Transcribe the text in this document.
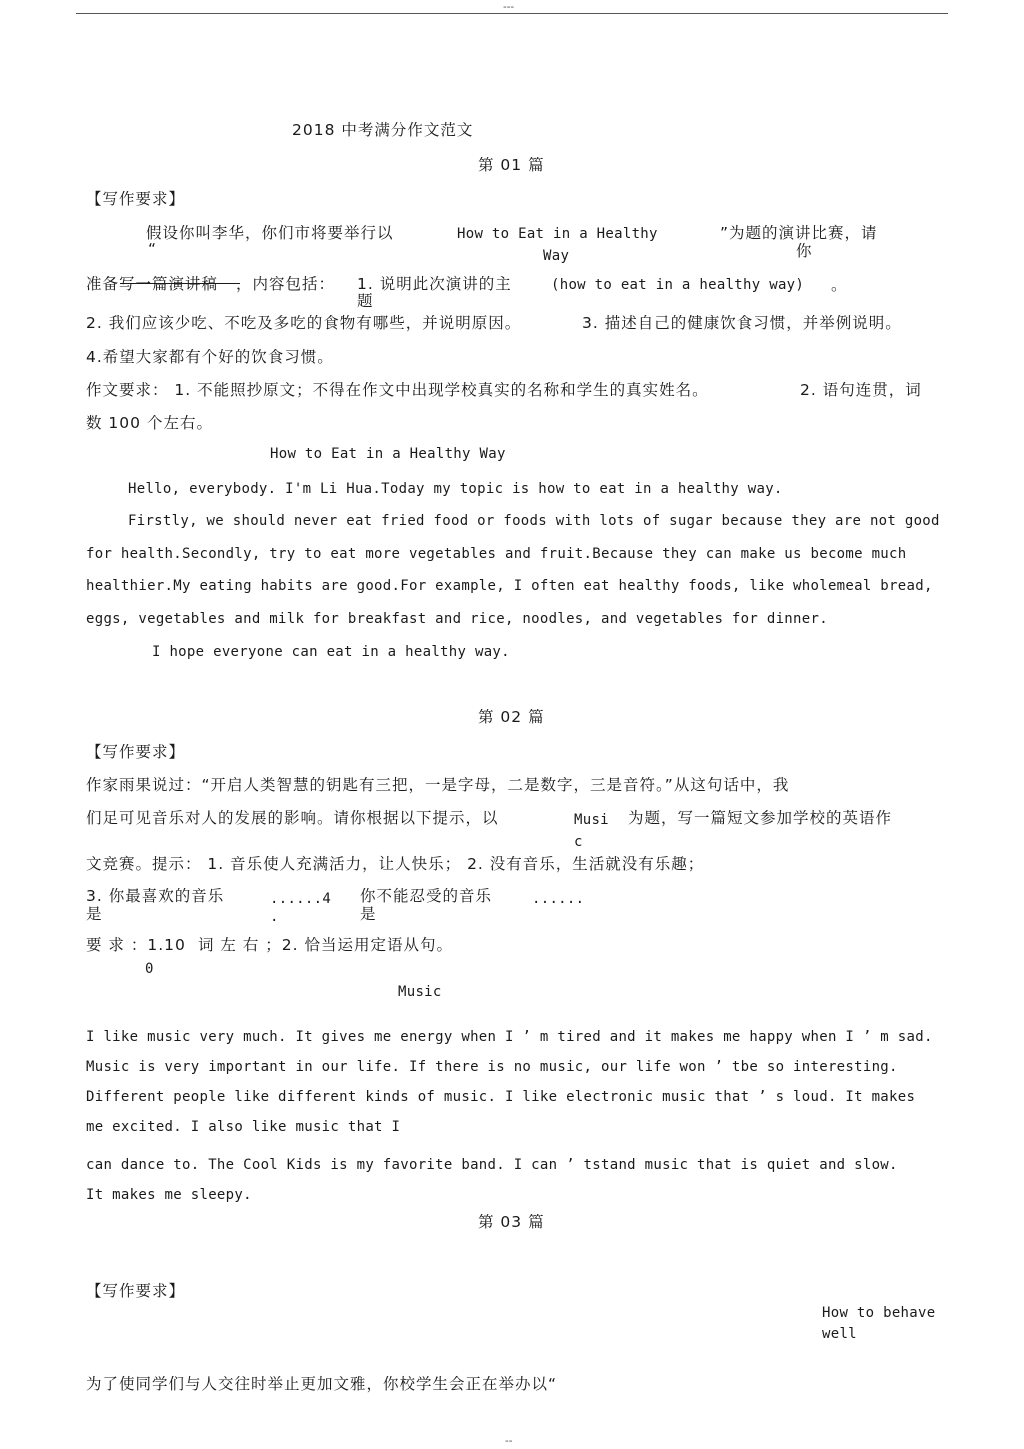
---
2018 中考满分作文范文
第 01 篇
【写作要求】
假设你叫李华，你们市将要举行以
“
How to Eat in a Healthy
Way
”为题的演讲比赛，请
你
准备写一篇演讲稿 ，内容包括： 1. 说明此次演讲的主
题
(how to eat in a healthy way) 。
2. 我们应该少吃、不吃及多吃的食物有哪些，并说明原因。	3. 描述自己的健康饮食习惯，并举例说明。
4.希望大家都有个好的饮食习惯。
作文要求： 1. 不能照抄原文；不得在作文中出现学校真实的名称和学生的真实姓名。	2. 语句连贯，词
数 100 个左右。
How to Eat in a Healthy Way
Hello, everybody. I'm Li Hua.Today my topic is how to eat in a healthy way.
Firstly, we should never eat fried food or foods with lots of sugar because they are not good
for health.Secondly, try to eat more vegetables and fruit.Because they can make us become much
healthier.My eating habits are good.For example, I often eat healthy foods, like wholemeal bread,
eggs, vegetables and milk for breakfast and rice, noodles, and vegetables for dinner.
I hope everyone can eat in a healthy way.
第 02 篇
【写作要求】
作家雨果说过：“开启人类智慧的钥匙有三把，一是字母，二是数字，三是音符。”从这句话中，我
们足可见音乐对人的发展的影响。请你根据以下提示，以	Musi
c
为题，写一篇短文参加学校的英语作
文竞赛。提示： 1. 音乐使人充满活力，让人快乐； 2. 没有音乐，生活就没有乐趣；
3. 你最喜欢的音乐
是
......4
.
你不能忍受的音乐
是
......
要 求 ：1.10
0
词 左 右 ；2. 恰当运用定语从句。
Music
I like music very much. It gives me energy when I ’ m tired and it makes me happy when I ’ m sad.
Music is very important in our life. If there is no music, our life won ’ tbe so interesting.
Different people like different kinds of music. I like electronic music that ’ s loud. It makes
me excited. I also like music that I
can dance to. The Cool Kids is my favorite band. I can ’ tstand music that is quiet and slow.
It makes me sleepy.
第 03 篇
【写作要求】
How to behave
well
为了使同学们与人交往时举止更加文雅，你校学生会正在举办以“
--
